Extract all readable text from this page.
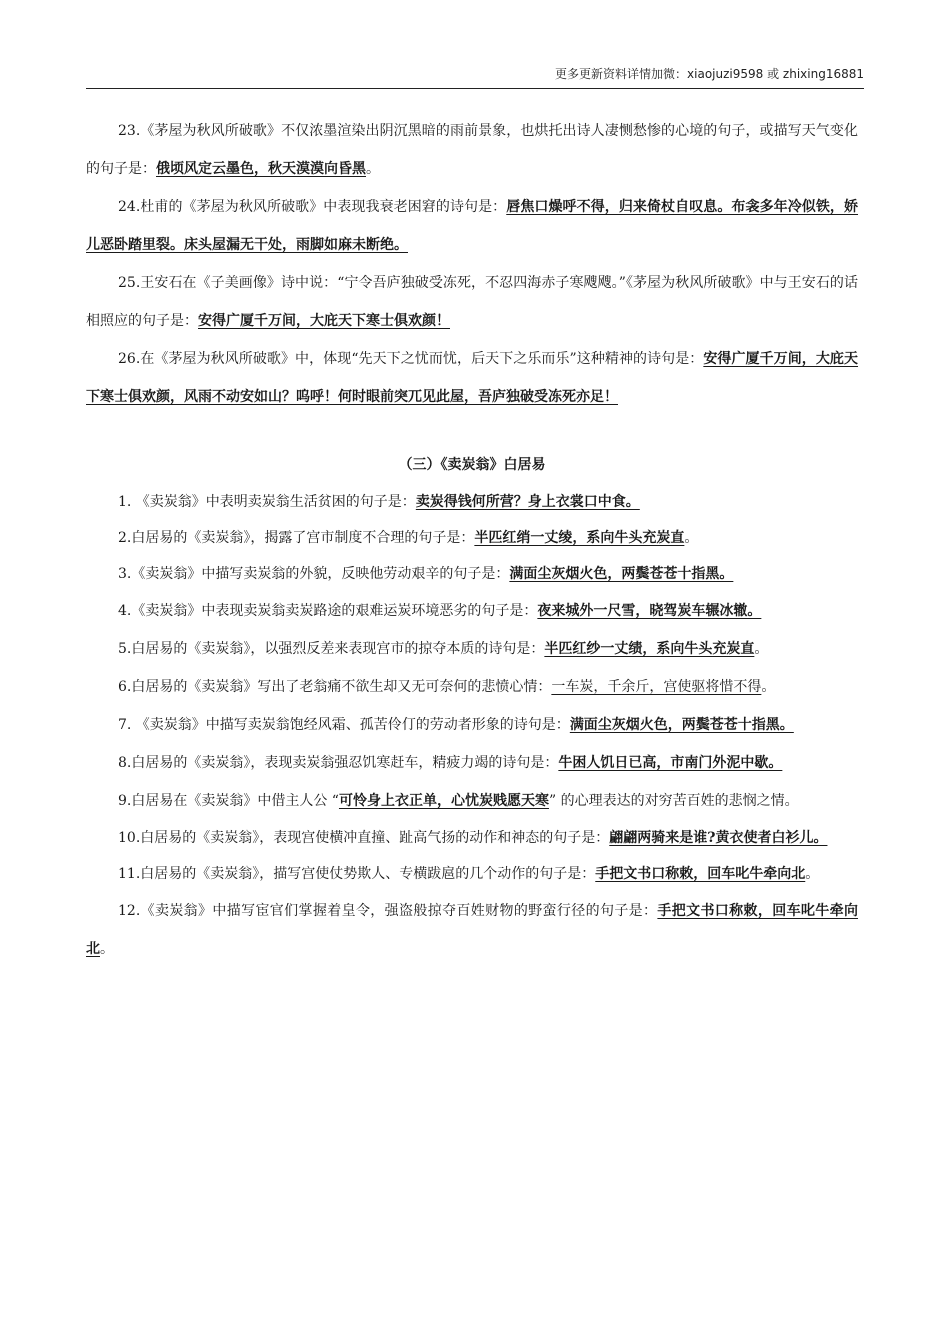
更多更新资料详情加微：xiaojuzi9598 或 zhixing16881

23.《茅屋为秋风所破歌》不仅浓墨渲染出阴沉黑暗的雨前景象，也烘托出诗人凄恻愁惨的心境的句子，或描写天气变化的句子是：俄顷风定云墨色，秋天漠漠向昏黑。

24.杜甫的《茅屋为秋风所破歌》中表现我衰老困窘的诗句是：唇焦口燥呼不得，归来倚杖自叹息。布衾多年冷似铁，娇儿恶卧踏里裂。床头屋漏无干处，雨脚如麻未断绝。

25.王安石在《子美画像》诗中说：“宁令吾庐独破受冻死，不忍四海赤子寒飕飕。”《茅屋为秋风所破歌》中与王安石的话相照应的句子是：安得广厦千万间，大庇天下寒士俱欢颜！

26.在《茅屋为秋风所破歌》中，体现“先天下之忧而忧，后天下之乐而乐”这种精神的诗句是：安得广厦千万间，大庇天下寒士俱欢颜，风雨不动安如山？呜呼！何时眼前突兀见此屋，吾庐独破受冻死亦足！

（三）《卖炭翁》白居易

1. 《卖炭翁》中表明卖炭翁生活贫困的句子是：卖炭得钱何所营？身上衣裳口中食。

2.白居易的《卖炭翁》，揭露了宫市制度不合理的句子是：半匹红绡一丈绫，系向牛头充炭直。

3.《卖炭翁》中描写卖炭翁的外貌，反映他劳动艰辛的句子是：满面尘灰烟火色，两鬓苍苍十指黑。

4.《卖炭翁》中表现卖炭翁卖炭路途的艰难运炭环境恶劣的句子是：夜来城外一尺雪，晓驾炭车辗冰辙。

5.白居易的《卖炭翁》，以强烈反差来表现宫市的掠夺本质的诗句是：半匹红纱一丈绩，系向牛头充炭直。

6.白居易的《卖炭翁》写出了老翁痛不欲生却又无可奈何的悲愤心情：一车炭，千余斤，宫使驱将惜不得。

7. 《卖炭翁》中描写卖炭翁饱经风霜、孤苦伶仃的劳动者形象的诗句是：满面尘灰烟火色，两鬓苍苍十指黑。

8.白居易的《卖炭翁》，表现卖炭翁强忍饥寒赶车，精疲力竭的诗句是：牛困人饥日已高，市南门外泥中歇。

9.白居易在《卖炭翁》中借主人公 “可怜身上衣正单，心忧炭贱愿天寒” 的心理表达的对穷苦百姓的悲悯之情。

10.白居易的《卖炭翁》，表现宫使横冲直撞、趾高气扬的动作和神态的句子是：翩翩两骑来是谁?黄衣使者白衫儿。

11.白居易的《卖炭翁》，描写宫使仗势欺人、专横跋扈的几个动作的句子是：手把文书口称敕，回车叱牛牵向北。

12.《卖炭翁》中描写宦官们掌握着皇令，强盗般掠夺百姓财物的野蛮行径的句子是：手把文书口称敕，回车叱牛牵向北。
